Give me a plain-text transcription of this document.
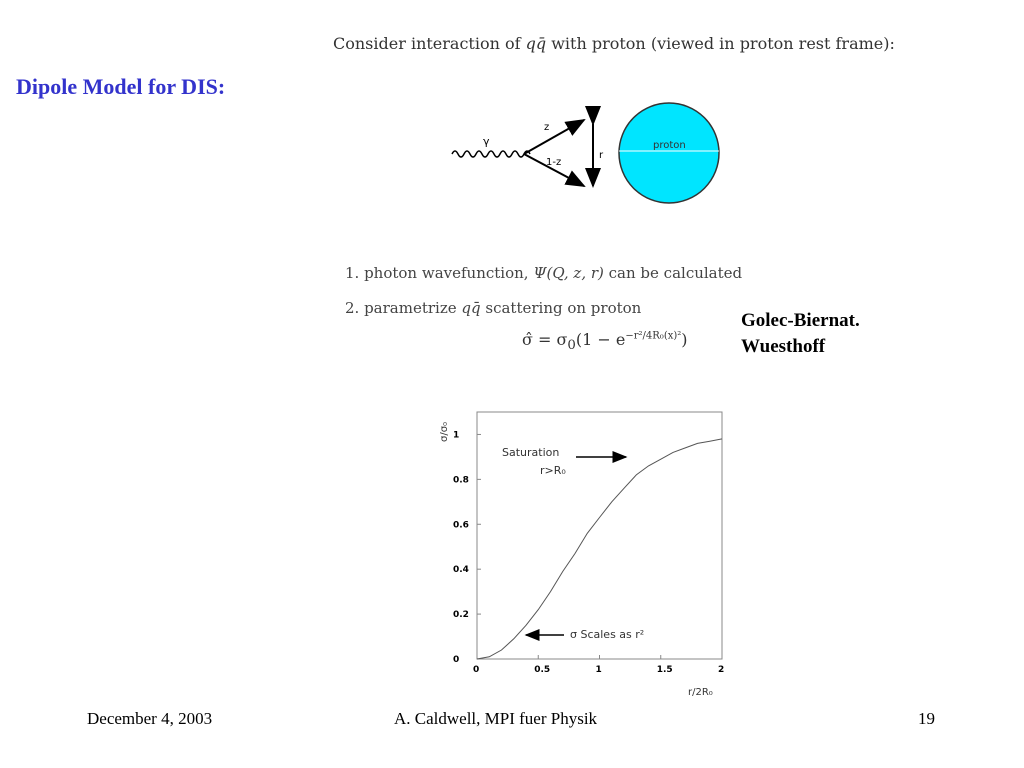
Consider interaction of qq̄ with proton (viewed in proton rest frame):
Dipole Model for DIS:
γ
z
1-z
r
proton
1. photon wavefunction, Ψ(Q, z, r) can be calculated
2. parametrize qq̄ scattering on proton
σ̂ = $\sigma_0(1 - e^{-r^2/4R_0(x)^2})$
Golec-Biernat.
Wuesthoff
σ/σ₀
r/2R₀
0	0.5	1	1.5	2
0
0.2
0.4
0.6
0.8
1
Saturation
r>R₀
σ Scales as r²
December 4, 2003	A. Caldwell, MPI fuer Physik	19
